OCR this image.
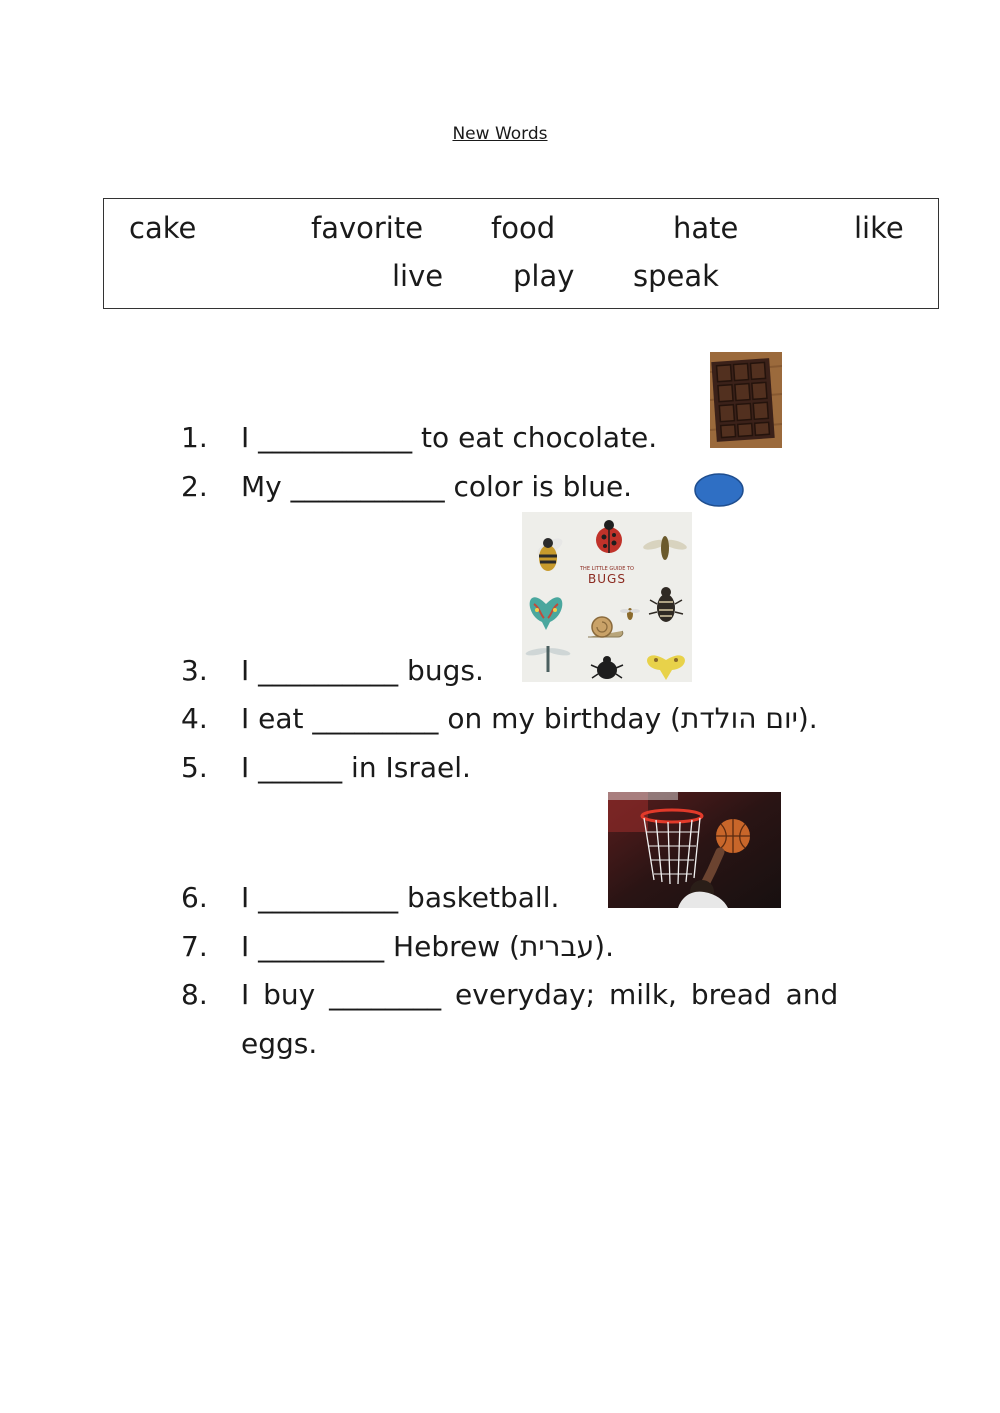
New Words
cake	favorite food	hate	like
live play speak
1. I ___________ to eat chocolate.
2. My ___________ color is blue.
3. I __________ bugs.
4. I eat _________ on my birthday (יום הולדת).
5. I ______ in Israel.
6. I __________ basketball.
7. I _________ Hebrew (עברית).
8. I buy ________ everyday; milk, bread and
eggs.
THE LITTLE GUIDE TO
BUGS
